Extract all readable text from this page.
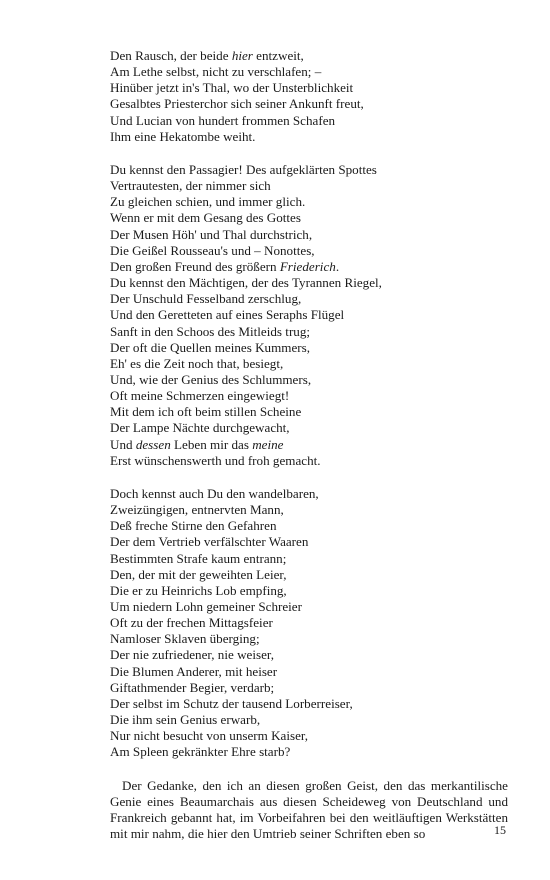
Den Rausch, der beide hier entzweit,
Am Lethe selbst, nicht zu verschlafen; –
Hinüber jetzt in's Thal, wo der Unsterblichkeit
Gesalbtes Priesterchor sich seiner Ankunft freut,
Und Lucian von hundert frommen Schafen
Ihm eine Hekatombe weiht.
Du kennst den Passagier! Des aufgeklärten Spottes
Vertrautesten, der nimmer sich
Zu gleichen schien, und immer glich.
Wenn er mit dem Gesang des Gottes
Der Musen Höh' und Thal durchstrich,
Die Geißel Rousseau's und – Nonottes,
Den großen Freund des größern Friederich.
Du kennst den Mächtigen, der des Tyrannen Riegel,
Der Unschuld Fesselband zerschlug,
Und den Geretteten auf eines Seraphs Flügel
Sanft in den Schoos des Mitleids trug;
Der oft die Quellen meines Kummers,
Eh' es die Zeit noch that, besiegt,
Und, wie der Genius des Schlummers,
Oft meine Schmerzen eingewiegt!
Mit dem ich oft beim stillen Scheine
Der Lampe Nächte durchgewacht,
Und dessen Leben mir das meine
Erst wünschenswerth und froh gemacht.
Doch kennst auch Du den wandelbaren,
Zweizüngigen, entnervten Mann,
Deß freche Stirne den Gefahren
Der dem Vertrieb verfälschter Waaren
Bestimmten Strafe kaum entrann;
Den, der mit der geweihten Leier,
Die er zu Heinrichs Lob empfing,
Um niedern Lohn gemeiner Schreier
Oft zu der frechen Mittagsfeier
Namloser Sklaven überging;
Der nie zufriedener, nie weiser,
Die Blumen Anderer, mit heiser
Giftathmender Begier, verdarb;
Der selbst im Schutz der tausend Lorberreiser,
Die ihm sein Genius erwarb,
Nur nicht besucht von unserm Kaiser,
Am Spleen gekränkter Ehre starb?

Der Gedanke, den ich an diesen großen Geist, den das merkantilische Genie eines Beaumarchais aus diesen Scheideweg von Deutschland und Frankreich gebannt hat, im Vorbeifahren bei den weitläuftigen Werkstätten mit mir nahm, die hier den Umtrieb seiner Schriften eben so	15
